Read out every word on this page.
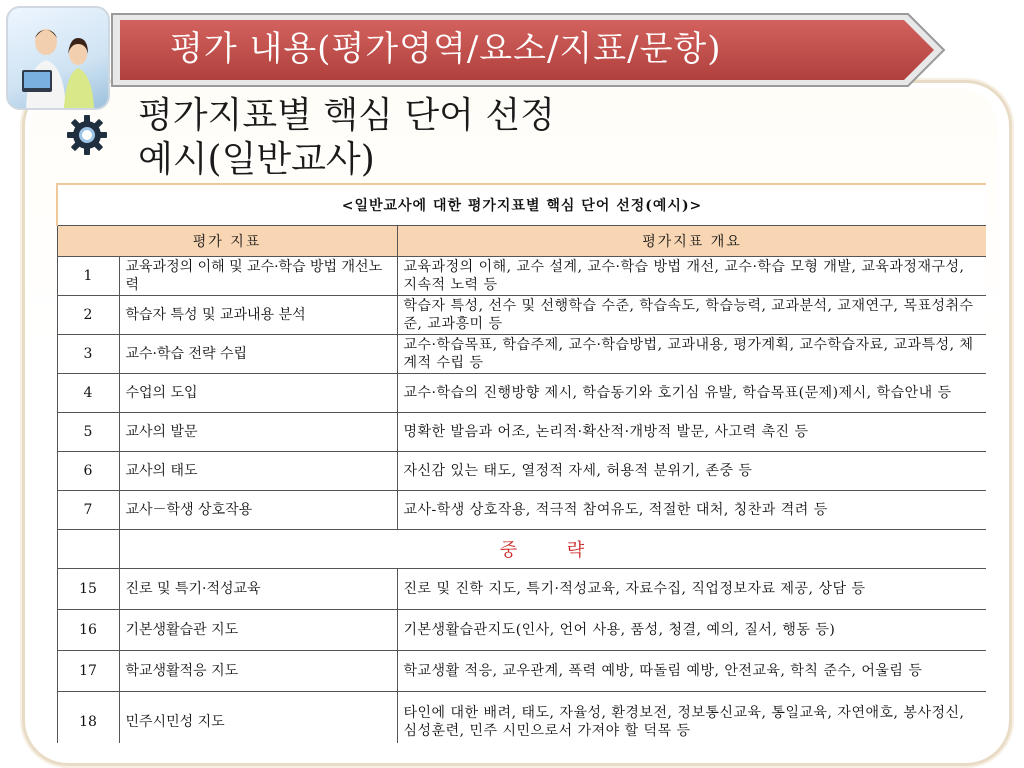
평가 내용(평가영역/요소/지표/문항)
평가지표별 핵심 단어 선정
예시(일반교사)
<일반교사에 대한 평가지표별 핵심 단어 선정(예시)>		
평가 지표		평가지표 개요
1	교육과정의 이해 및 교수·학습 방법 개선노력	교육과정의 이해, 교수 설계, 교수·학습 방법 개선, 교수·학습 모형 개발, 교육과정재구성, 지속적 노력 등
2	학습자 특성 및 교과내용 분석	학습자 특성, 선수 및 선행학습 수준, 학습속도, 학습능력, 교과분석, 교재연구, 목표성취수준, 교과흥미 등
3	교수·학습 전략 수립	교수·학습목표, 학습주제, 교수·학습방법, 교과내용, 평가계획, 교수학습자료, 교과특성, 체계적 수립 등
4	수업의 도입	교수·학습의 진행방향 제시, 학습동기와 호기심 유발, 학습목표(문제)제시, 학습안내 등
5	교사의 발문	명확한 발음과 어조, 논리적·확산적·개방적 발문, 사고력 촉진 등
6	교사의 태도	자신감 있는 태도, 열정적 자세, 허용적 분위기, 존중 등
7	교사－학생 상호작용	교사-학생 상호작용, 적극적 참여유도, 적절한 대처, 칭찬과 격려 등
	중 략	
15	진로 및 특기·적성교육	진로 및 진학 지도, 특기·적성교육, 자료수집, 직업정보자료 제공, 상담 등
16	기본생활습관 지도	기본생활습관지도(인사, 언어 사용, 품성, 청결, 예의, 질서, 행동 등)
17	학교생활적응 지도	학교생활 적응, 교우관계, 폭력 예방, 따돌림 예방, 안전교육, 학칙 준수, 어울림 등
18	민주시민성 지도	타인에 대한 배려, 태도, 자율성, 환경보전, 정보통신교육, 통일교육, 자연애호, 봉사정신, 심성훈련, 민주 시민으로서 가져야 할 덕목 등
